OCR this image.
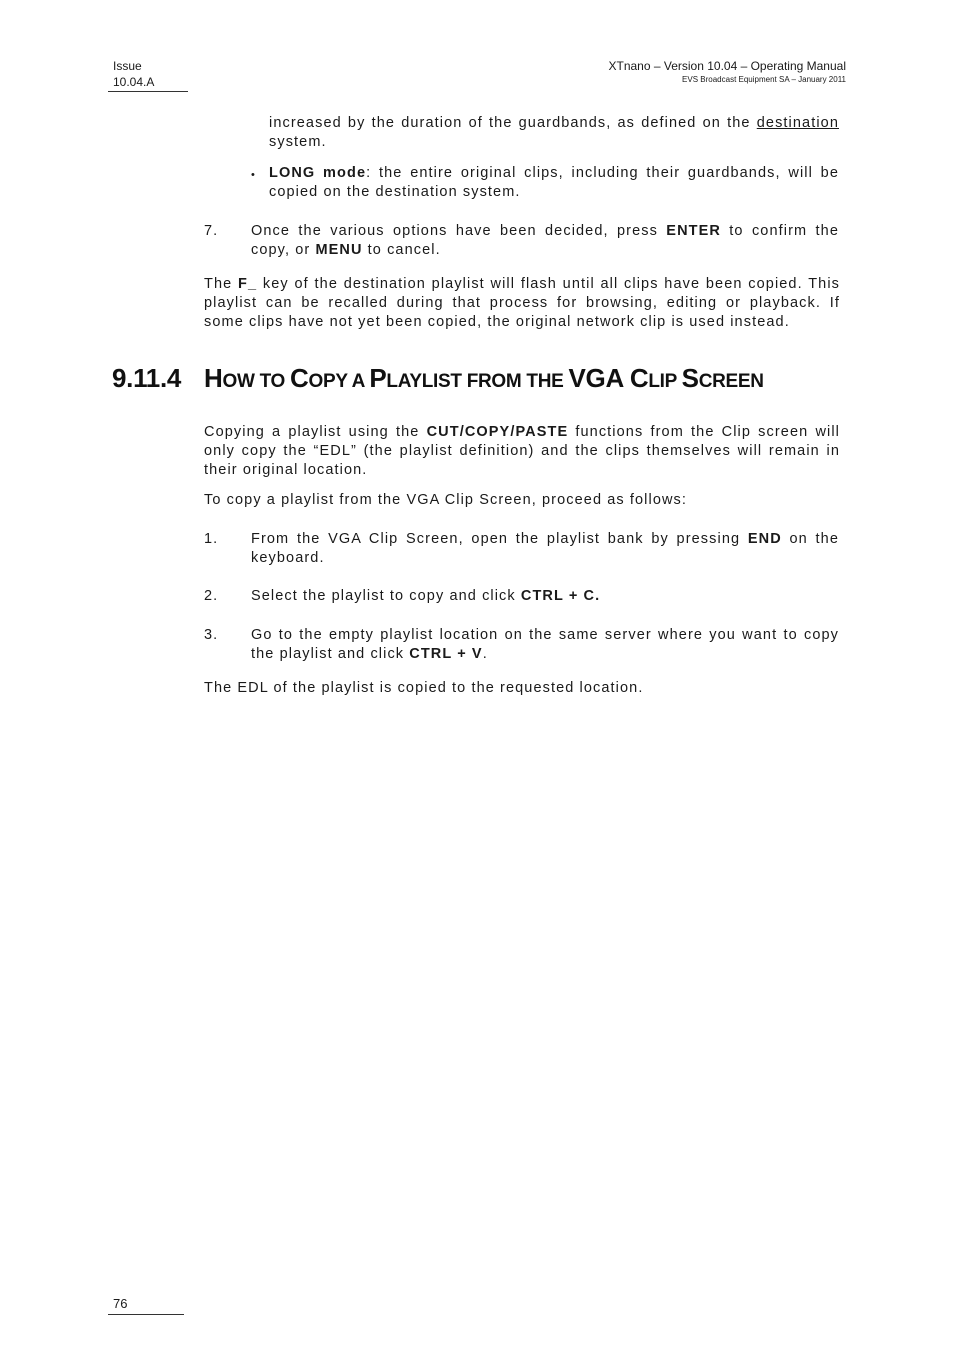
Issue
10.04.A
XTnano – Version 10.04 – Operating Manual
EVS Broadcast Equipment SA – January 2011

increased by the duration of the guardbands, as defined on the destination system.

• LONG mode: the entire original clips, including their guardbands, will be copied on the destination system.

7. Once the various options have been decided, press ENTER to confirm the copy, or MENU to cancel.

The F_ key of the destination playlist will flash until all clips have been copied. This playlist can be recalled during that process for browsing, editing or playback. If some clips have not yet been copied, the original network clip is used instead.

9.11.4 HOW TO COPY A PLAYLIST FROM THE VGA CLIP SCREEN

Copying a playlist using the CUT/COPY/PASTE functions from the Clip screen will only copy the “EDL” (the playlist definition) and the clips themselves will remain in their original location.

To copy a playlist from the VGA Clip Screen, proceed as follows:

1. From the VGA Clip Screen, open the playlist bank by pressing END on the keyboard.

2. Select the playlist to copy and click CTRL + C.

3. Go to the empty playlist location on the same server where you want to copy the playlist and click CTRL + V.

The EDL of the playlist is copied to the requested location.

76
